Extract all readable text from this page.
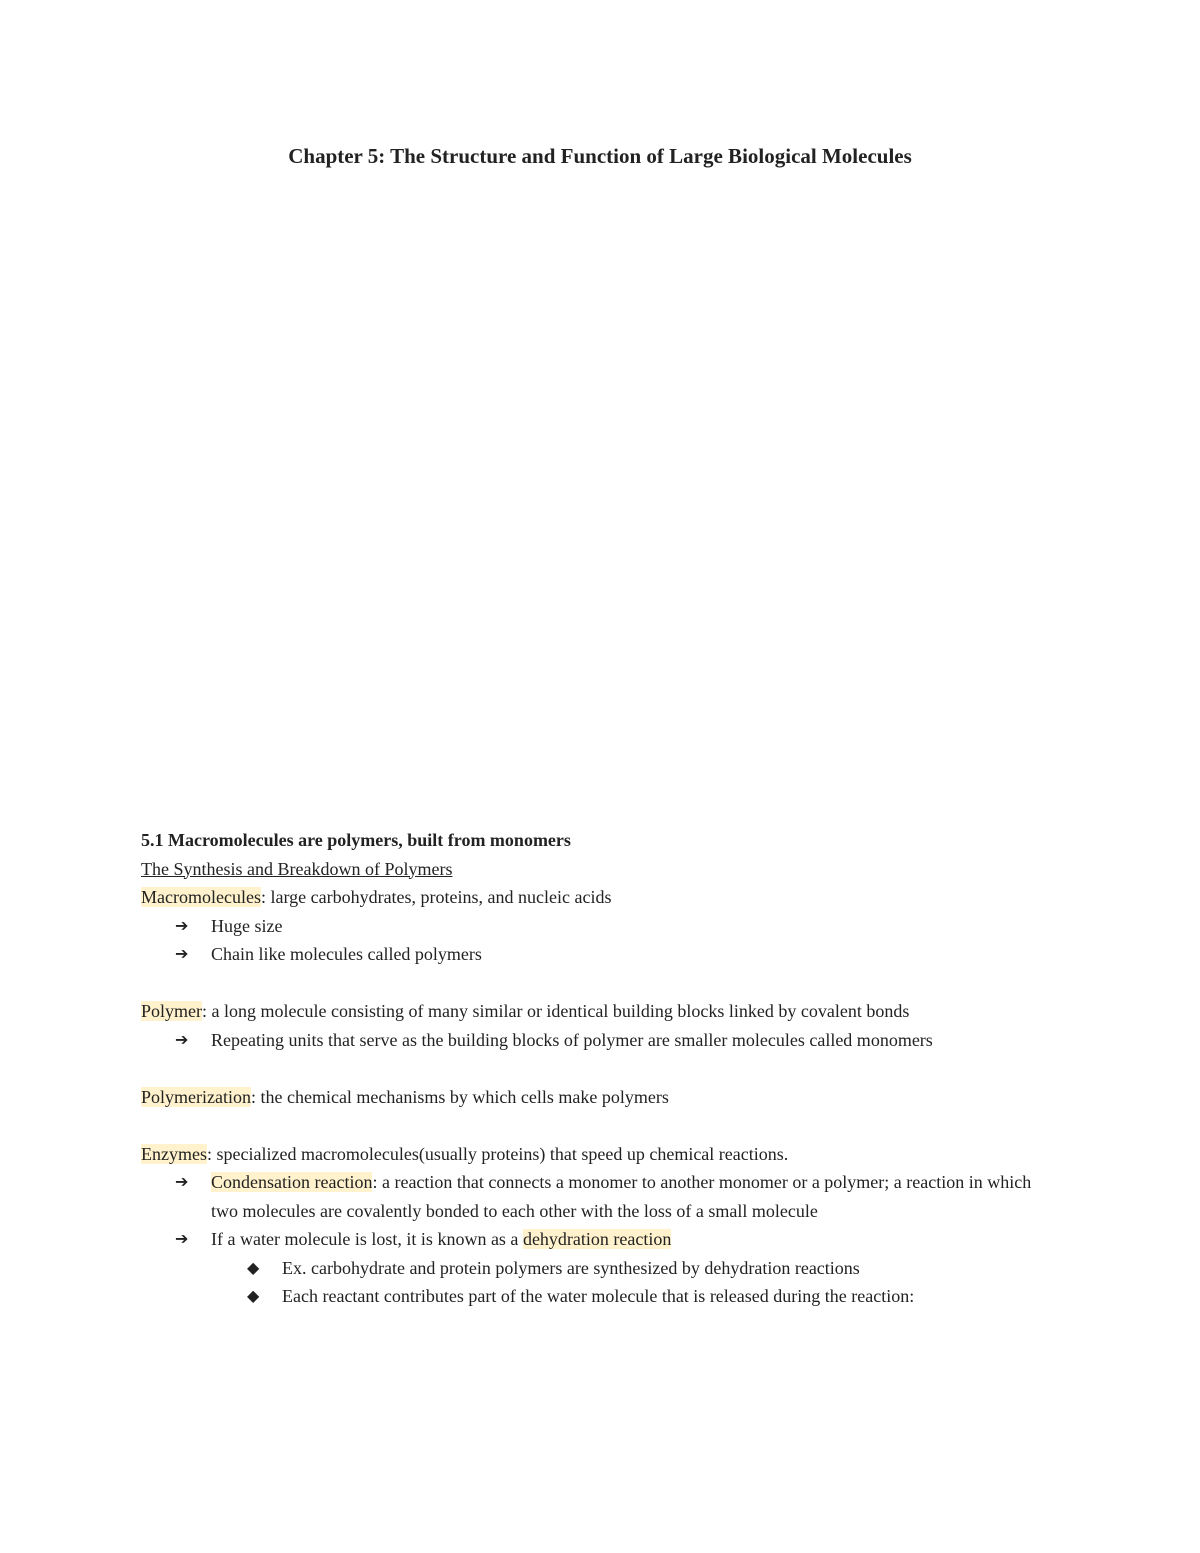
Chapter 5: The Structure and Function of Large Biological Molecules

5.1 Macromolecules are polymers, built from monomers

The Synthesis and Breakdown of Polymers

Macromolecules: large carbohydrates, proteins, and nucleic acids

➔ Huge size
➔ Chain like molecules called polymers

Polymer: a long molecule consisting of many similar or identical building blocks linked by covalent bonds

➔ Repeating units that serve as the building blocks of polymer are smaller molecules called monomers

Polymerization: the chemical mechanisms by which cells make polymers

Enzymes: specialized macromolecules(usually proteins) that speed up chemical reactions.

➔ Condensation reaction: a reaction that connects a monomer to another monomer or a polymer; a reaction in which two molecules are covalently bonded to each other with the loss of a small molecule
➔ If a water molecule is lost, it is known as a dehydration reaction
◆ Ex. carbohydrate and protein polymers are synthesized by dehydration reactions
◆ Each reactant contributes part of the water molecule that is released during the reaction:
